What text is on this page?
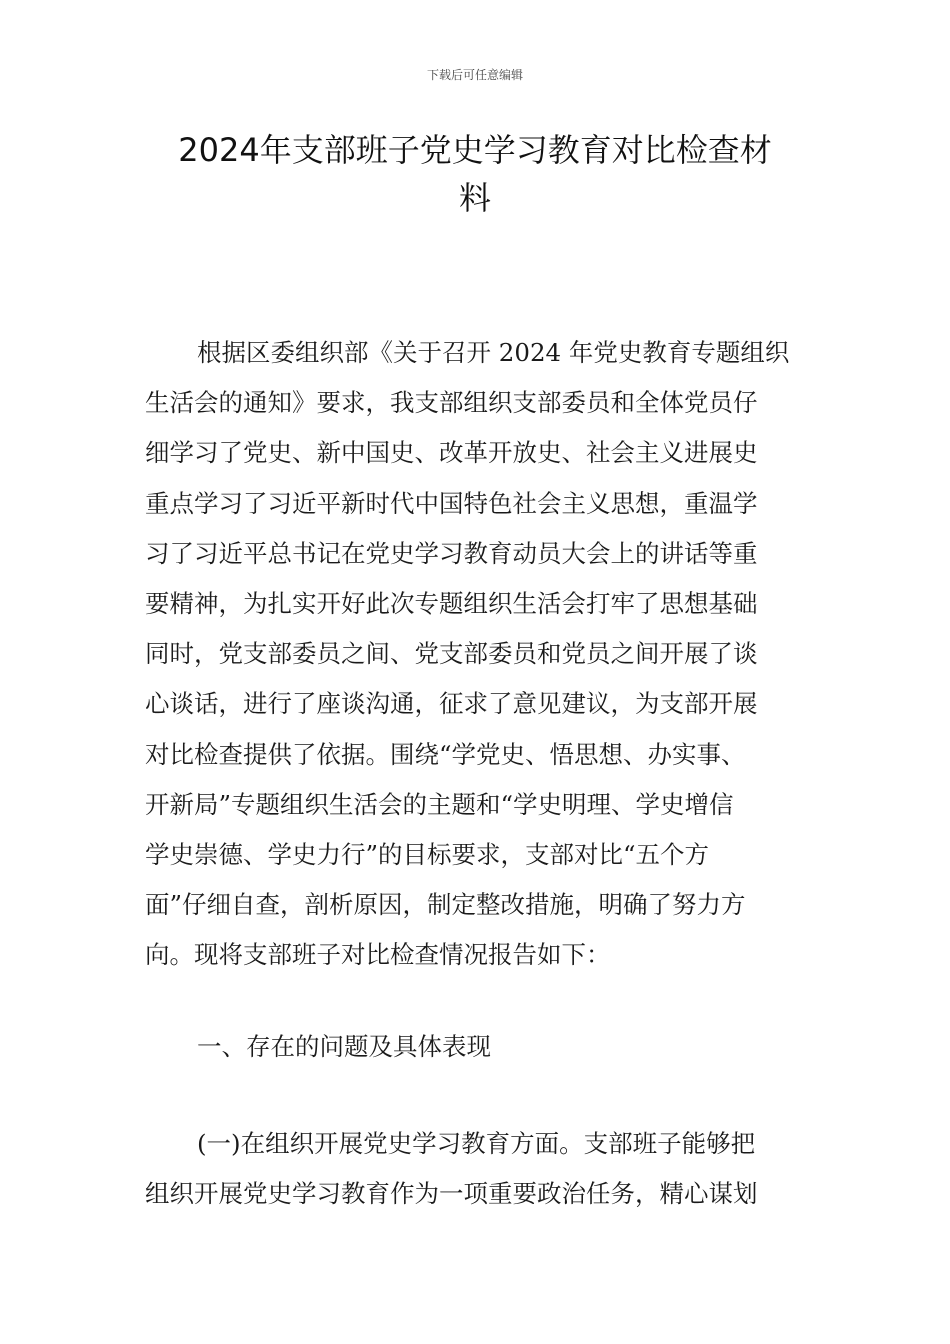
下载后可任意编辑
2024年支部班子党史学习教育对比检查材
料
根据区委组织部《关于召开 2024 年党史教育专题组织
生活会的通知》要求，我支部组织支部委员和全体党员仔
细学习了党史、新中国史、改革开放史、社会主义进展史
重点学习了习近平新时代中国特色社会主义思想，重温学
习了习近平总书记在党史学习教育动员大会上的讲话等重
要精神，为扎实开好此次专题组织生活会打牢了思想基础
同时，党支部委员之间、党支部委员和党员之间开展了谈
心谈话，进行了座谈沟通，征求了意见建议，为支部开展
对比检查提供了依据。围绕“学党史、悟思想、办实事、
开新局”专题组织生活会的主题和“学史明理、学史增信
学史崇德、学史力行”的目标要求，支部对比“五个方
面”仔细自查，剖析原因，制定整改措施，明确了努力方
向。现将支部班子对比检查情况报告如下：
一、存在的问题及具体表现
(一)在组织开展党史学习教育方面。支部班子能够把
组织开展党史学习教育作为一项重要政治任务，精心谋划
